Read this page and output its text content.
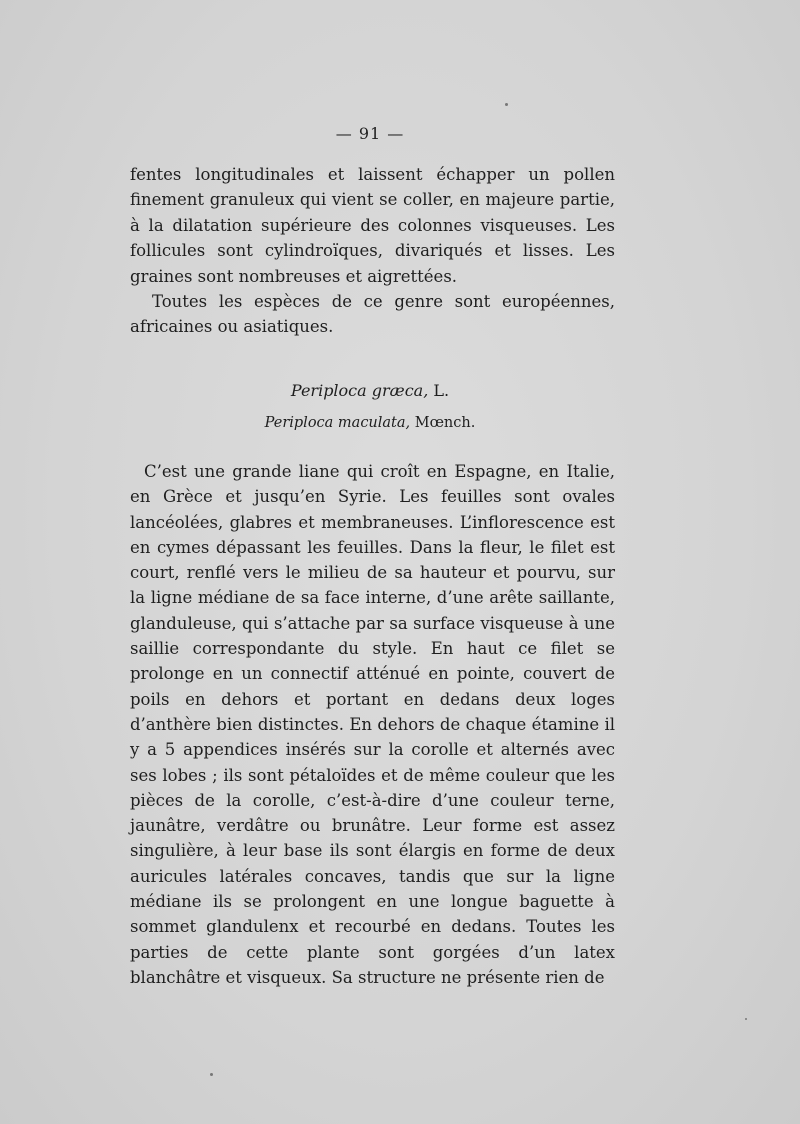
— 91 —

fentes longitudinales et laissent échapper un pollen finement granuleux qui vient se coller, en majeure partie, à la dilatation supérieure des colonnes visqueuses. Les follicules sont cylindroïques, divariqués et lisses. Les graines sont nombreuses et aigrettées.

Toutes les espèces de ce genre sont européennes, africaines ou asiatiques.

Periploca græca, L.
Periploca maculata, Mœnch.

C’est une grande liane qui croît en Espagne, en Italie, en Grèce et jusqu’en Syrie. Les feuilles sont ovales lancéolées, glabres et membraneuses. L’inflorescence est en cymes dépassant les feuilles. Dans la fleur, le filet est court, renflé vers le milieu de sa hauteur et pourvu, sur la ligne médiane de sa face interne, d’une arête saillante, glanduleuse, qui s’attache par sa surface visqueuse à une saillie correspondante du style. En haut ce filet se prolonge en un connectif atténué en pointe, couvert de poils en dehors et portant en dedans deux loges d’anthère bien distinctes. En dehors de chaque étamine il y a 5 appendices insérés sur la corolle et alternés avec ses lobes ; ils sont pétaloïdes et de même couleur que les pièces de la corolle, c’est-à-dire d’une couleur terne, jaunâtre, verdâtre ou brunâtre. Leur forme est assez singulière, à leur base ils sont élargis en forme de deux auricules latérales concaves, tandis que sur la ligne médiane ils se prolongent en une longue baguette à sommet glandulenx et recourbé en dedans. Toutes les parties de cette plante sont gorgées d’un latex blanchâtre et visqueux. Sa structure ne présente rien de
